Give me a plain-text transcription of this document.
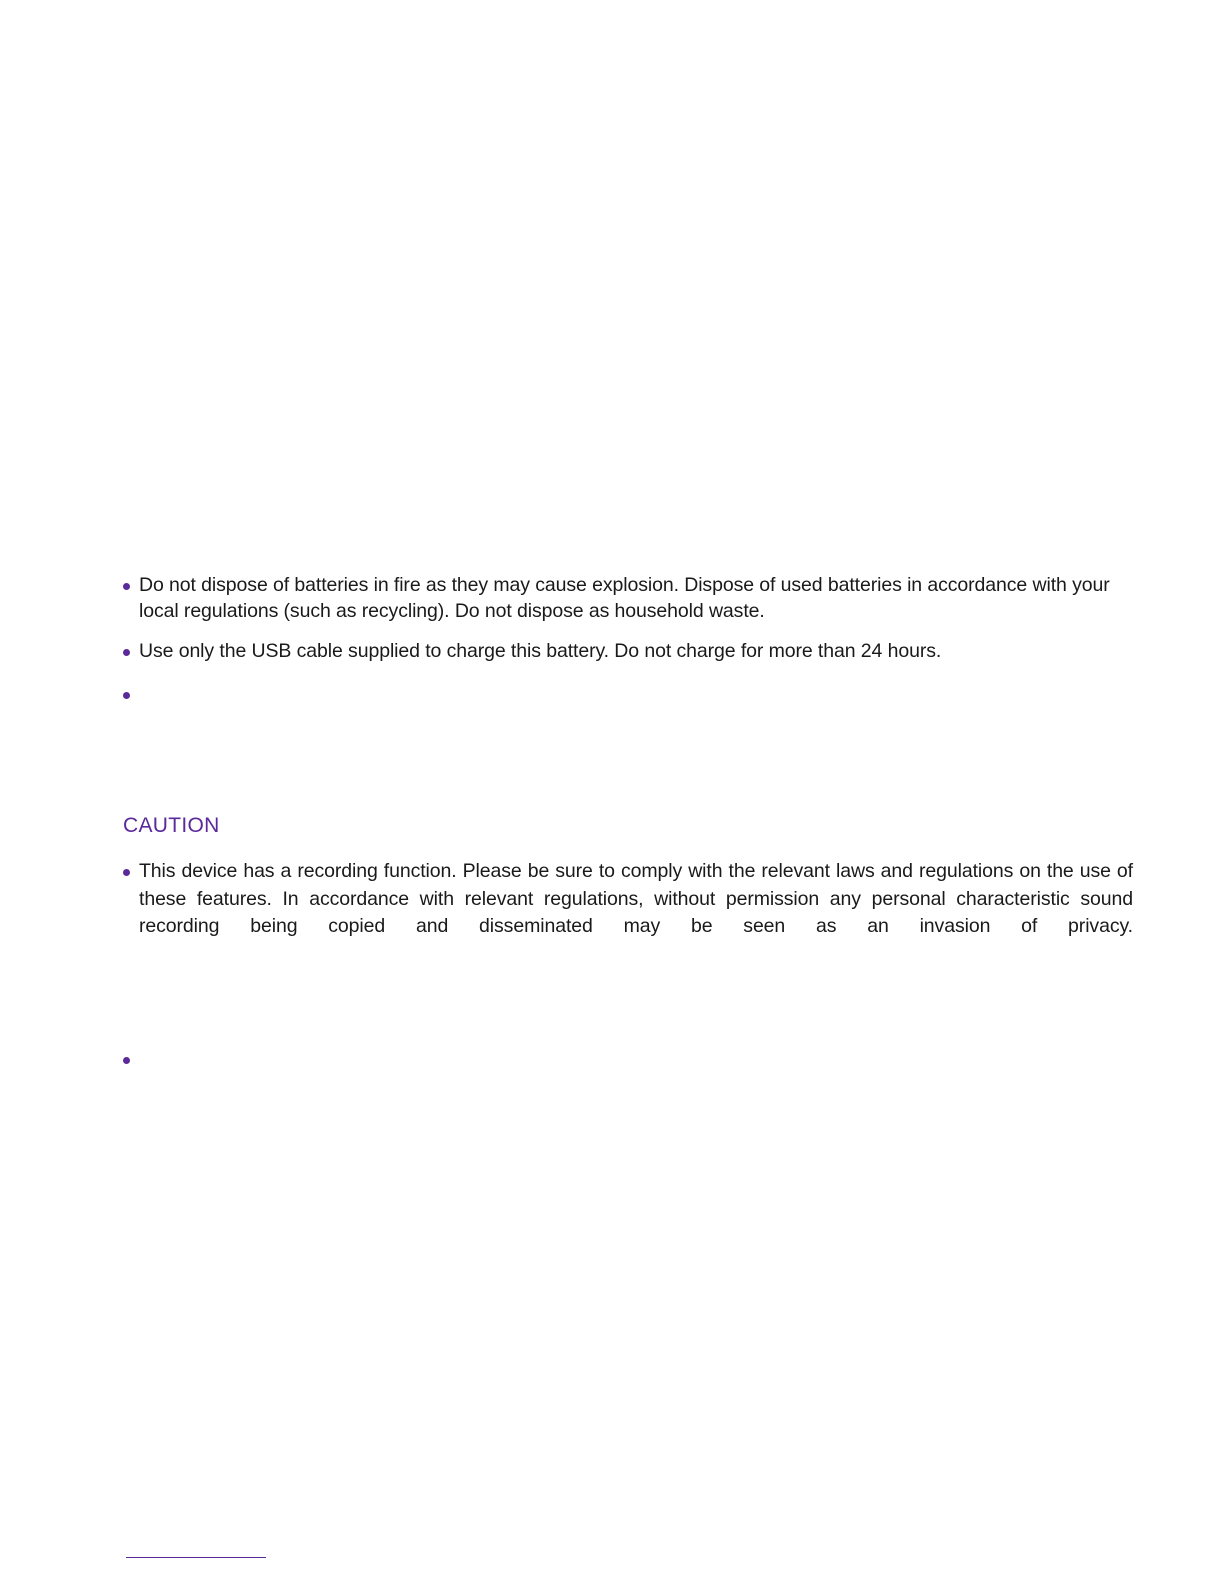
Do not dispose of batteries in fire as they may cause explosion. Dispose of used batteries in accordance with your local regulations (such as recycling). Do not dispose as household waste.

Use only the USB cable supplied to charge this battery. Do not charge for more than 24 hours.

CAUTION

This device has a recording function. Please be sure to comply with the relevant laws and regulations on the use of these features. In accordance with relevant regulations, without permission any personal characteristic sound recording being copied and disseminated may be seen as an invasion of privacy.
